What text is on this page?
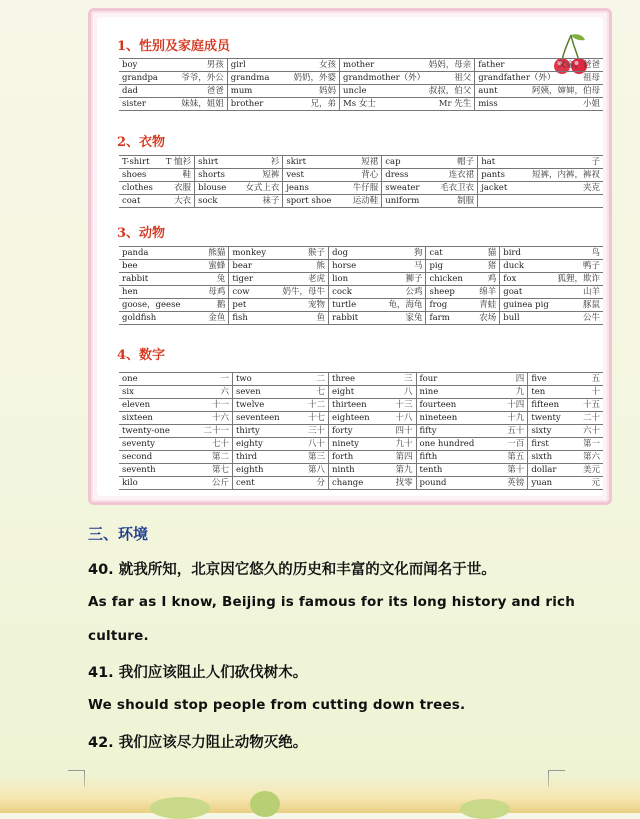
1、性别及家庭成员
boy 男孩	girl 女孩	mother 妈妈，母亲	father 父亲，爸爸

grandpa 爷爷，外公	grandma 奶奶，外婆	grandmother（外） 祖父	grandfather（外） 祖母

dad 爸爸	mum 妈妈	uncle 叔叔，伯父	aunt 阿姨，婶婶，伯母

sister 妹妹，姐姐	brother 兄，弟	Ms 女士 Mr 先生	miss 小姐
2、衣物
T-shirt T 恤衫	shirt 衫	skirt 短裙	cap 帽子	hat 子

shoes 鞋	shorts 短裤	vest 背心	dress 连衣裙	pants 短裤，内裤，裤衩

clothes 衣服	blouse 女式上衣	jeans 牛仔服	sweater 毛衣卫衣	jacket 夹克

coat 大衣	sock 袜子	sport shoe 运动鞋	uniform 制服	

3、动物
panda 熊猫	monkey 猴子	dog 狗	cat 猫	bird 鸟

bee 蜜蜂	bear 熊	horse 马	pig 猪	duck 鸭子

rabbit 兔	tiger 老虎	lion 狮子	chicken 鸡	fox 狐狸，欺诈

hen 母鸡	cow 奶牛，母牛	cock 公鸡	sheep 绵羊	goat 山羊

goose，geese 鹅	pet 宠物	turtle 龟，海龟	frog 青蛙	guinea pig 豚鼠

goldfish 金鱼	fish 鱼	rabbit 家兔	farm 农场	bull 公牛
4、数字
one 一	two 二	three 三	four 四	five 五

six 六	seven 七	eight 八	nine 九	ten 十

eleven 十一	twelve 十二	thirteen 十三	fourteen 十四	fifteen 十五

sixteen 十六	seventeen 十七	eighteen 十八	nineteen 十九	twenty 二十

twenty-one 二十一	thirty 三十	forty 四十	fifty 五十	sixty 六十

seventy 七十	eighty 八十	ninety 九十	one hundred 一百	first 第一

second 第二	third 第三	forth 第四	fifth 第五	sixth 第六

seventh 第七	eighth 第八	ninth 第九	tenth 第十	dollar 美元

kilo 公斤	cent 分	change 找零	pound 英镑	yuan 元
三、环境
40. 就我所知，北京因它悠久的历史和丰富的文化而闻名于世。
As far as I know, Beijing is famous for its long history and rich
culture.
41. 我们应该阻止人们砍伐树木。
We should stop people from cutting down trees.
42. 我们应该尽力阻止动物灭绝。
